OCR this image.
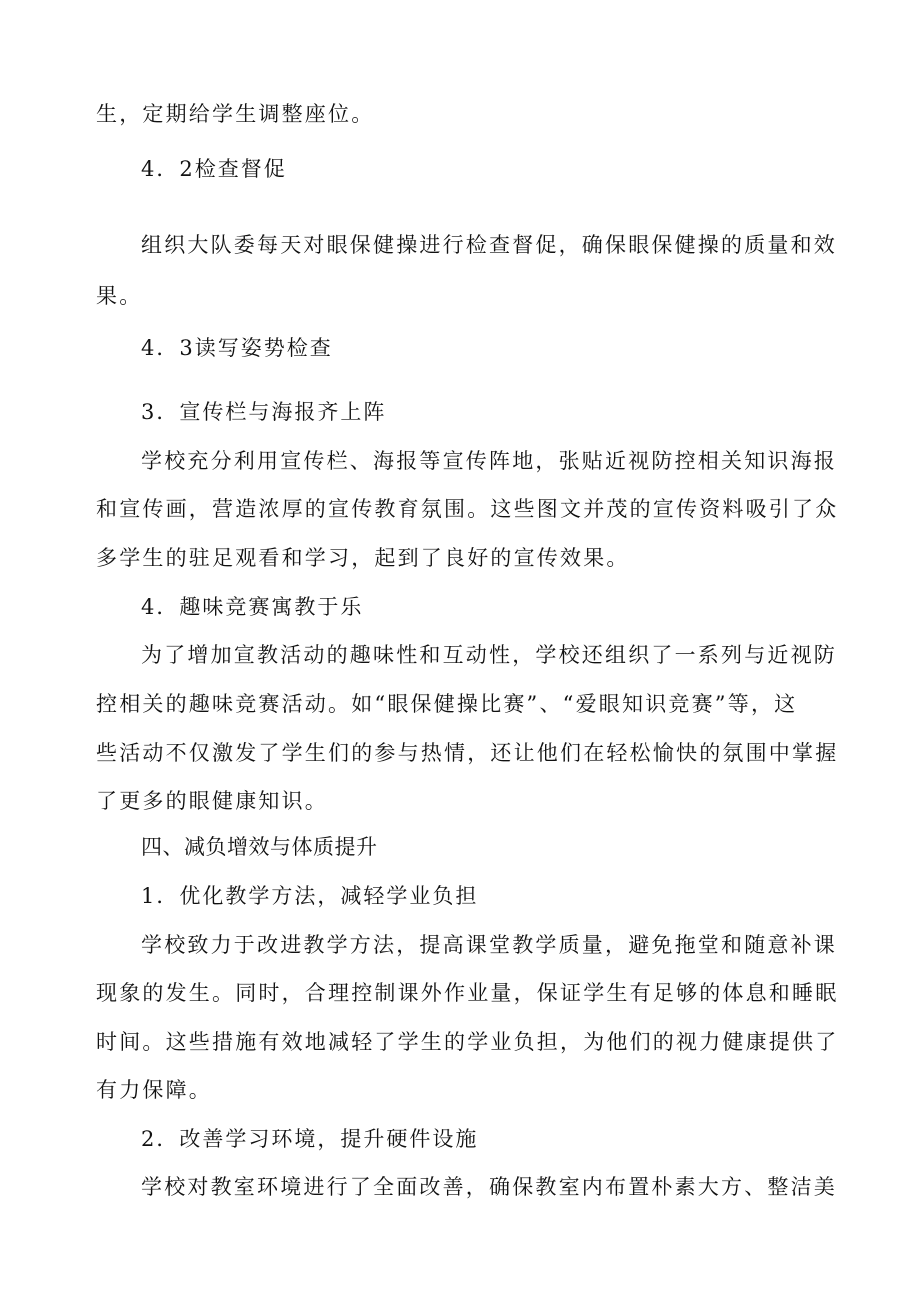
生，定期给学生调整座位。
4．2检查督促
组织大队委每天对眼保健操进行检查督促，确保眼保健操的质量和效
果。
4．3读写姿势检查
3．宣传栏与海报齐上阵
学校充分利用宣传栏、海报等宣传阵地，张贴近视防控相关知识海报
和宣传画，营造浓厚的宣传教育氛围。这些图文并茂的宣传资料吸引了众
多学生的驻足观看和学习，起到了良好的宣传效果。
4．趣味竞赛寓教于乐
为了增加宣教活动的趣味性和互动性，学校还组织了一系列与近视防
控相关的趣味竞赛活动。如“眼保健操比赛”、“爱眼知识竞赛”等，这
些活动不仅激发了学生们的参与热情，还让他们在轻松愉快的氛围中掌握
了更多的眼健康知识。
四、减负增效与体质提升
1．优化教学方法，减轻学业负担
学校致力于改进教学方法，提高课堂教学质量，避免拖堂和随意补课
现象的发生。同时，合理控制课外作业量，保证学生有足够的体息和睡眠
时间。这些措施有效地减轻了学生的学业负担，为他们的视力健康提供了
有力保障。
2．改善学习环境，提升硬件设施
学校对教室环境进行了全面改善，确保教室内布置朴素大方、整洁美
